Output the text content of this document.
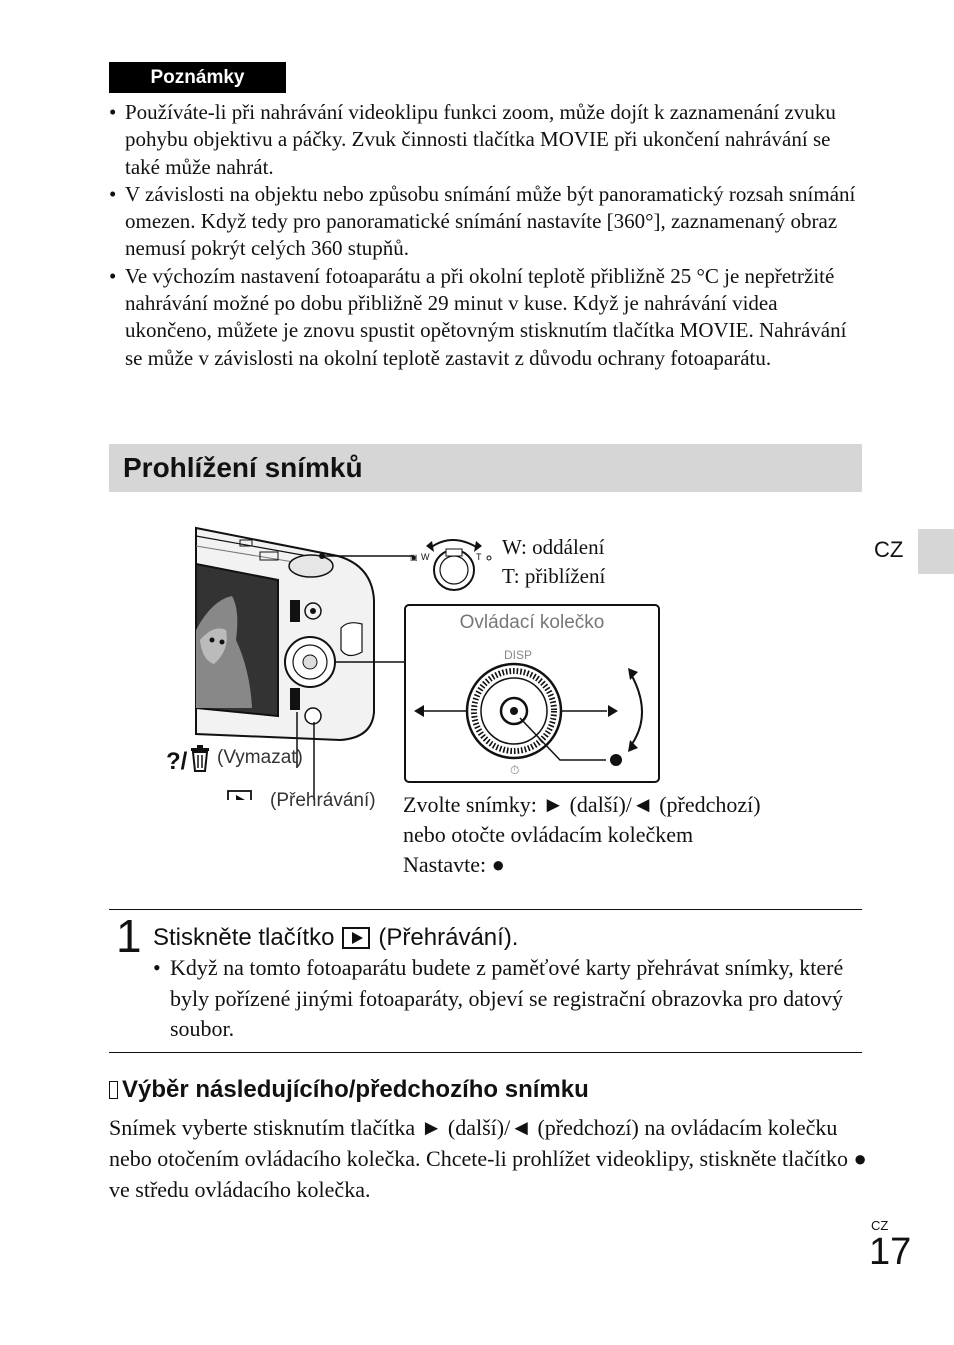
Poznámky
• Používáte-li při nahrávání videoklipu funkci zoom, může dojít k zaznamenání zvuku pohybu objektivu a páčky. Zvuk činnosti tlačítka MOVIE při ukončení nahrávání se také může nahrát.
• V závislosti na objektu nebo způsobu snímání může být panoramatický rozsah snímání omezen. Když tedy pro panoramatické snímání nastavíte [360°], zaznamenaný obraz nemusí pokrýt celých 360 stupňů.
• Ve výchozím nastavení fotoaparátu a při okolní teplotě přibližně 25 °C je nepřetržité nahrávání možné po dobu přibližně 29 minut v kuse. Když je nahrávání videa ukončeno, můžete je znovu spustit opětovným stisknutím tlačítka MOVIE. Nahrávání se může v závislosti na okolní teplotě zastavit z důvodu ochrany fotoaparátu.
Prohlížení snímků
CZ
▣ W	T
⏱
?/
W: oddálení
T: přiblížení
Ovládací kolečko
DISP
(Vymazat)
(Přehrávání) Zvolte snímky: ► (další)/◄ (předchozí)
nebo otočte ovládacím kolečkem
Nastavte: ●
1 Stiskněte tlačítko (Přehrávání).
• Když na tomto fotoaparátu budete z paměťové karty přehrávat snímky, které byly pořízené jinými fotoaparáty, objeví se registrační obrazovka pro datový soubor.
Výběr následujícího/předchozího snímku
Snímek vyberte stisknutím tlačítka ► (další)/◄ (předchozí) na ovládacím kolečku nebo otočením ovládacího kolečka. Chcete-li prohlížet videoklipy, stiskněte tlačítko ● ve středu ovládacího kolečka.
CZ
17
